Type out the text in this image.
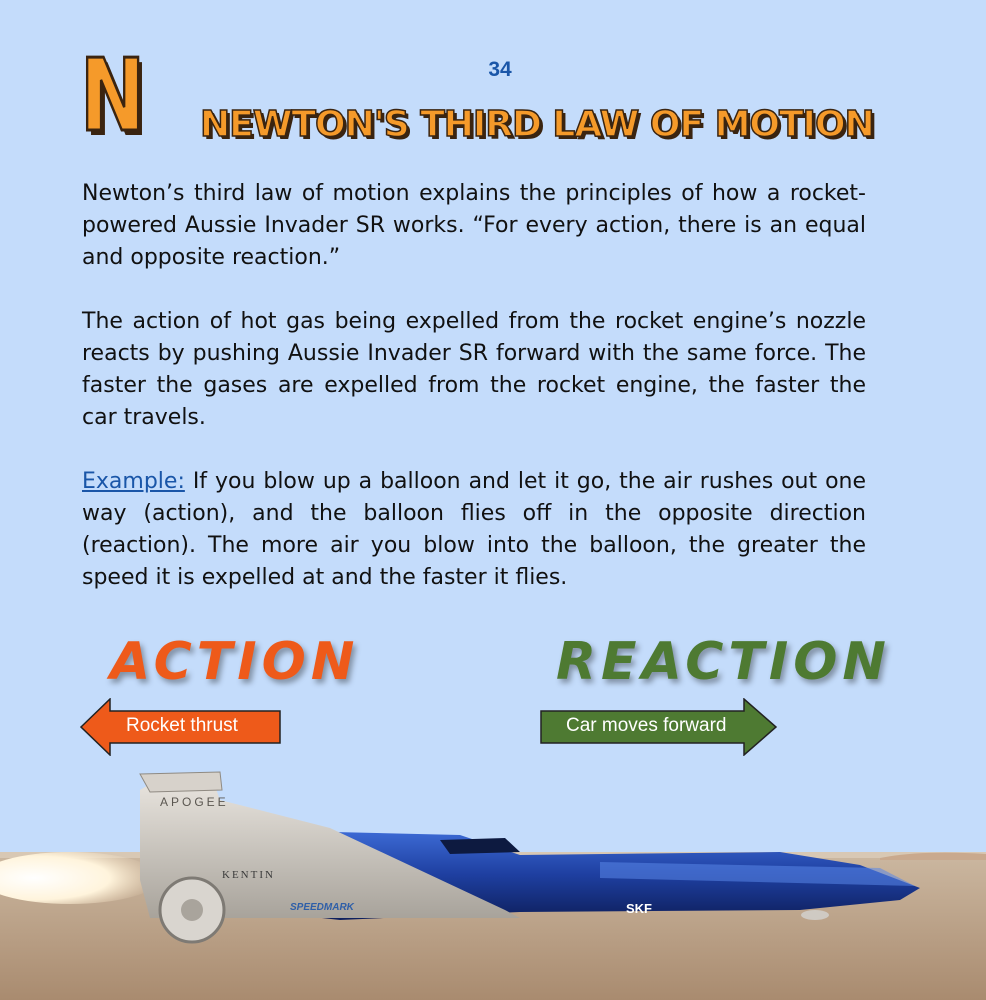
34
N NEWTON'S THIRD LAW OF MOTION

Newton’s third law of motion explains the principles of how a rocket-powered Aussie Invader SR works. “For every action, there is an equal and opposite reaction.”

The action of hot gas being expelled from the rocket engine’s nozzle reacts by pushing Aussie Invader SR forward with the same force. The faster the gases are expelled from the rocket engine, the faster the car travels.

Example: If you blow up a balloon and let it go, the air rushes out one way (action), and the balloon flies off in the opposite direction (reaction). The more air you blow into the balloon, the greater the speed it is expelled at and the faster it flies.

ACTION	REACTION
Rocket thrust	Car moves forward
APOGEE
KENTIN
SPEEDMARK	SKF
